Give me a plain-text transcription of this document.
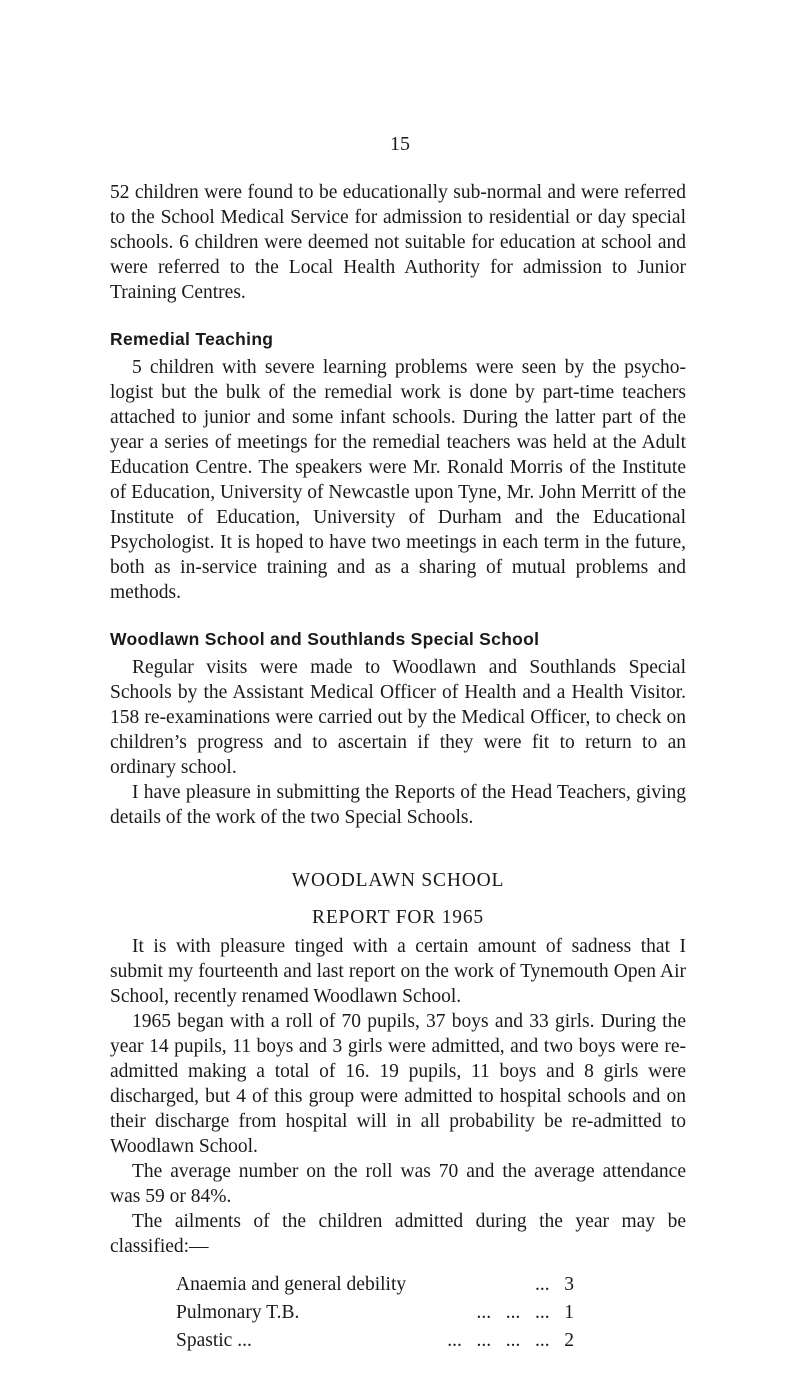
15

52 children were found to be educationally sub-normal and were referred to the School Medical Service for admission to residential or day special schools. 6 children were deemed not suitable for education at school and were referred to the Local Health Authority for admission to Junior Training Centres.

Remedial Teaching

5 children with severe learning problems were seen by the psycho-logist but the bulk of the remedial work is done by part-time teachers attached to junior and some infant schools. During the latter part of the year a series of meetings for the remedial teachers was held at the Adult Education Centre. The speakers were Mr. Ronald Morris of the Institute of Education, University of Newcastle upon Tyne, Mr. John Merritt of the Institute of Education, University of Durham and the Educational Psychologist. It is hoped to have two meetings in each term in the future, both as in-service training and as a sharing of mutual problems and methods.

Woodlawn School and Southlands Special School

Regular visits were made to Woodlawn and Southlands Special Schools by the Assistant Medical Officer of Health and a Health Visitor. 158 re-examinations were carried out by the Medical Officer, to check on children’s progress and to ascertain if they were fit to return to an ordinary school.

I have pleasure in submitting the Reports of the Head Teachers, giving details of the work of the two Special Schools.

WOODLAWN SCHOOL
REPORT FOR 1965

It is with pleasure tinged with a certain amount of sadness that I submit my fourteenth and last report on the work of Tynemouth Open Air School, recently renamed Woodlawn School.

1965 began with a roll of 70 pupils, 37 boys and 33 girls. During the year 14 pupils, 11 boys and 3 girls were admitted, and two boys were re-admitted making a total of 16. 19 pupils, 11 boys and 8 girls were discharged, but 4 of this group were admitted to hospital schools and on their discharge from hospital will in all probability be re-admitted to Woodlawn School.

The average number on the roll was 70 and the average attendance was 59 or 84%.

The ailments of the children admitted during the year may be classified:—

Anaemia and general debility	... 3
Pulmonary T.B.	...   ...   ... 1
Spastic ...	...   ...   ...   ... 2
